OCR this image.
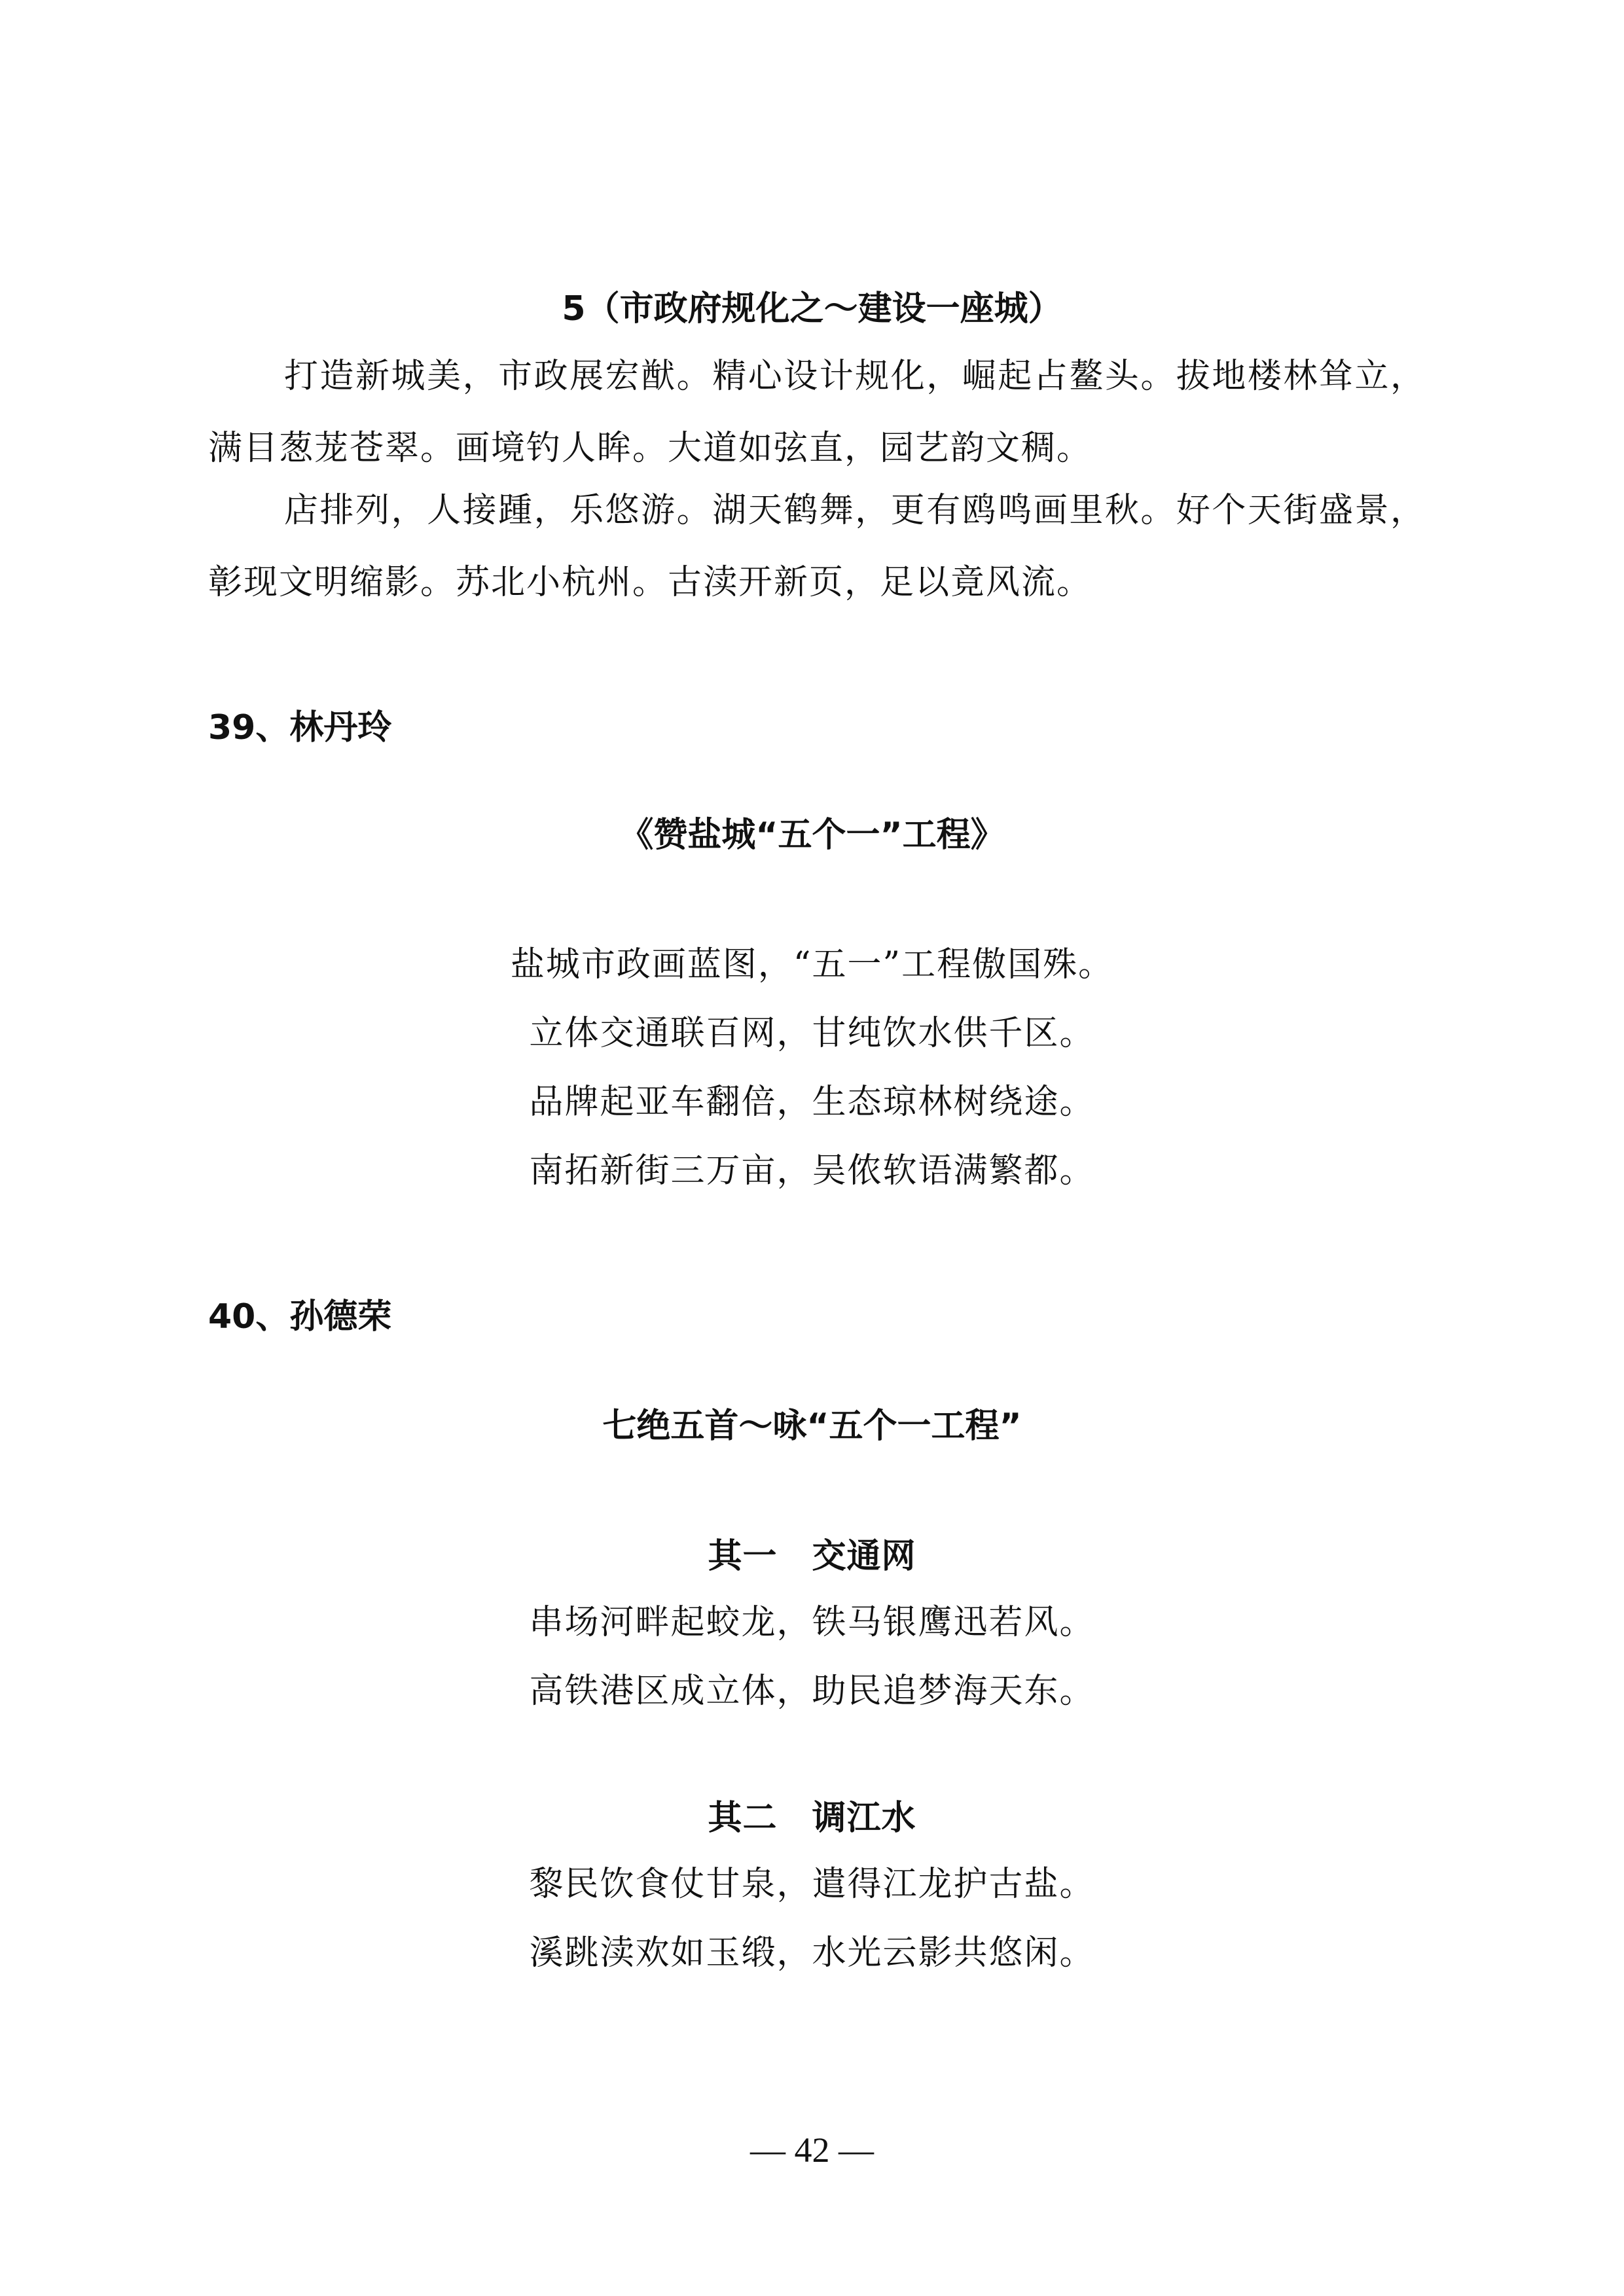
5（市政府规化之～建设一座城）

打造新城美，市政展宏猷。精心设计规化，崛起占鳌头。拔地楼林耸立，满目葱茏苍翠。画境钓人眸。大道如弦直，园艺韵文稠。

店排列，人接踵，乐悠游。湖天鹤舞，更有鸥鸣画里秋。好个天街盛景，彰现文明缩影。苏北小杭州。古渎开新页，足以竟风流。

39、林丹玲
《赞盐城“五个一”工程》
盐城市政画蓝图，“五一”工程傲国殊。
立体交通联百网，甘纯饮水供千区。
品牌起亚车翻倍，生态琼林树绕途。
南拓新街三万亩，吴侬软语满繁都。
40、孙德荣
七绝五首～咏“五个一工程”
其一　交通网
串场河畔起蛟龙，铁马银鹰迅若风。
高铁港区成立体，助民追梦海天东。
其二　调江水
黎民饮食仗甘泉，遣得江龙护古盐。
溪跳渎欢如玉缎，水光云影共悠闲。
— 42 —
